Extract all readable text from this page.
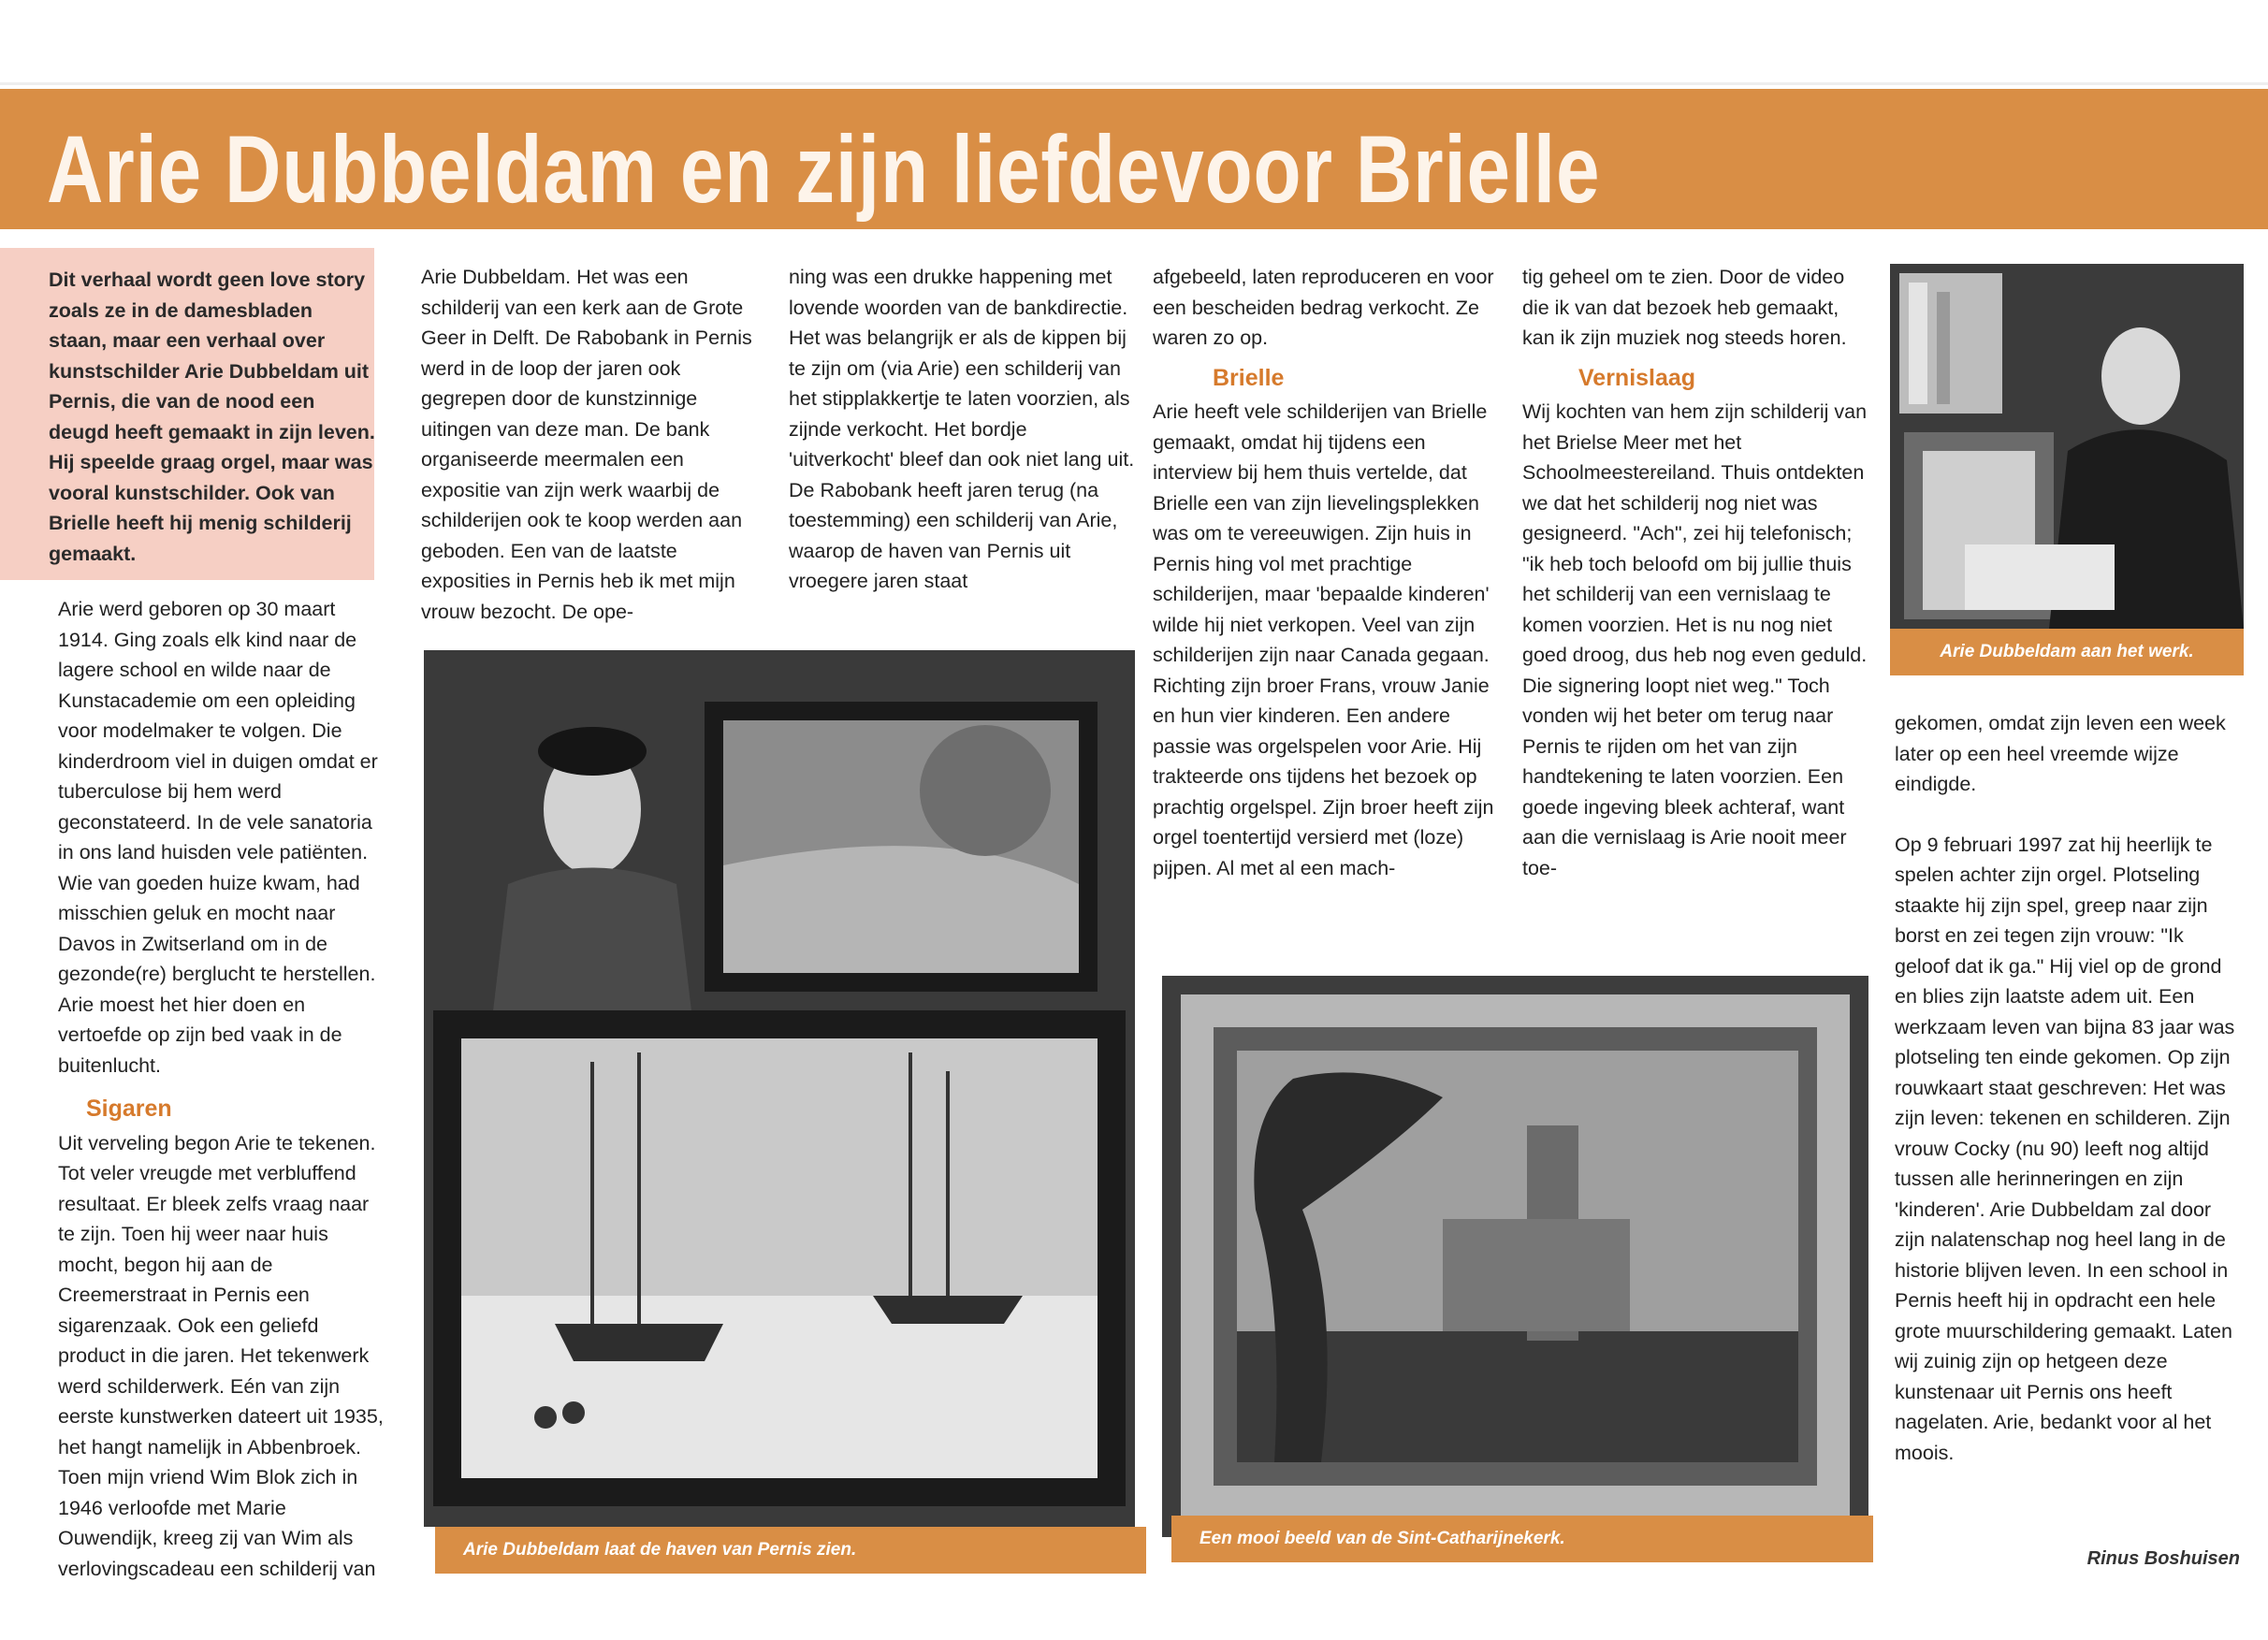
Arie Dubbeldam en zijn liefdevoor Brielle

Dit verhaal wordt geen love story zoals ze in de damesbladen staan, maar een verhaal over kunstschilder Arie Dubbeldam uit Pernis, die van de nood een deugd heeft gemaakt in zijn leven. Hij speelde graag orgel, maar was vooral kunstschilder. Ook van Brielle heeft hij menig schilderij gemaakt.

Arie werd geboren op 30 maart 1914. Ging zoals elk kind naar de lagere school en wilde naar de Kunstacademie om een opleiding voor modelmaker te volgen. Die kinderdroom viel in duigen omdat er tuberculose bij hem werd geconstateerd. In de vele sanatoria in ons land huisden vele patiënten. Wie van goeden huize kwam, had misschien geluk en mocht naar Davos in Zwitserland om in de gezonde(re) berglucht te herstellen. Arie moest het hier doen en vertoefde op zijn bed vaak in de buitenlucht.

Sigaren

Uit verveling begon Arie te tekenen. Tot veler vreugde met verbluffend resultaat. Er bleek zelfs vraag naar te zijn. Toen hij weer naar huis mocht, begon hij aan de Creemerstraat in Pernis een sigarenzaak. Ook een geliefd product in die jaren. Het tekenwerk werd schilderwerk. Eén van zijn eerste kunstwerken dateert uit 1935, het hangt namelijk in Abbenbroek. Toen mijn vriend Wim Blok zich in 1946 verloofde met Marie Ouwendijk, kreeg zij van Wim als verlovingscadeau een schilderij van

Arie Dubbeldam. Het was een schilderij van een kerk aan de Grote Geer in Delft. De Rabobank in Pernis werd in de loop der jaren ook gegrepen door de kunstzinnige uitingen van deze man. De bank organiseerde meermalen een expositie van zijn werk waarbij de schilderijen ook te koop werden aan geboden. Een van de laatste exposities in Pernis heb ik met mijn vrouw bezocht. De ope-

ning was een drukke happening met lovende woorden van de bankdirectie. Het was belangrijk er als de kippen bij te zijn om (via Arie) een schilderij van het stipplakkertje te laten voorzien, als zijnde verkocht. Het bordje 'uitverkocht' bleef dan ook niet lang uit. De Rabobank heeft jaren terug (na toestemming) een schilderij van Arie, waarop de haven van Pernis uit vroegere jaren staat

afgebeeld, laten reproduceren en voor een bescheiden bedrag verkocht. Ze waren zo op.

Brielle

Arie heeft vele schilderijen van Brielle gemaakt, omdat hij tijdens een interview bij hem thuis vertelde, dat Brielle een van zijn lievelingsplekken was om te vereeuwigen. Zijn huis in Pernis hing vol met prachtige schilderijen, maar 'bepaalde kinderen' wilde hij niet verkopen. Veel van zijn schilderijen zijn naar Canada gegaan. Richting zijn broer Frans, vrouw Janie en hun vier kinderen. Een andere passie was orgelspelen voor Arie. Hij trakteerde ons tijdens het bezoek op prachtig orgelspel. Zijn broer heeft zijn orgel toentertijd versierd met (loze) pijpen. Al met al een mach-

tig geheel om te zien. Door de video die ik van dat bezoek heb gemaakt, kan ik zijn muziek nog steeds horen.

Vernislaag

Wij kochten van hem zijn schilderij van het Brielse Meer met het Schoolmeestereiland. Thuis ontdekten we dat het schilderij nog niet was gesigneerd. "Ach", zei hij telefonisch; "ik heb toch beloofd om bij jullie thuis het schilderij van een vernislaag te komen voorzien. Het is nu nog niet goed droog, dus heb nog even geduld. Die signering loopt niet weg." Toch vonden wij het beter om terug naar Pernis te rijden om het van zijn handtekening te laten voorzien. Een goede ingeving bleek achteraf, want aan die vernislaag is Arie nooit meer toe-

gekomen, omdat zijn leven een week later op een heel vreemde wijze eindigde.

Op 9 februari 1997 zat hij heerlijk te spelen achter zijn orgel. Plotseling staakte hij zijn spel, greep naar zijn borst en zei tegen zijn vrouw: "Ik geloof dat ik ga." Hij viel op de grond en blies zijn laatste adem uit. Een werkzaam leven van bijna 83 jaar was plotseling ten einde gekomen. Op zijn rouwkaart staat geschreven: Het was zijn leven: tekenen en schilderen. Zijn vrouw Cocky (nu 90) leeft nog altijd tussen alle herinneringen en zijn 'kinderen'. Arie Dubbeldam zal door zijn nalatenschap nog heel lang in de historie blijven leven. In een school in Pernis heeft hij in opdracht een hele grote muurschildering gemaakt. Laten wij zuinig zijn op hetgeen deze kunstenaar uit Pernis ons heeft nagelaten. Arie, bedankt voor al het moois.

Arie Dubbeldam aan het werk.
Arie Dubbeldam laat de haven van Pernis zien.
Een mooi beeld van de Sint-Catharijnekerk.
Rinus Boshuisen
